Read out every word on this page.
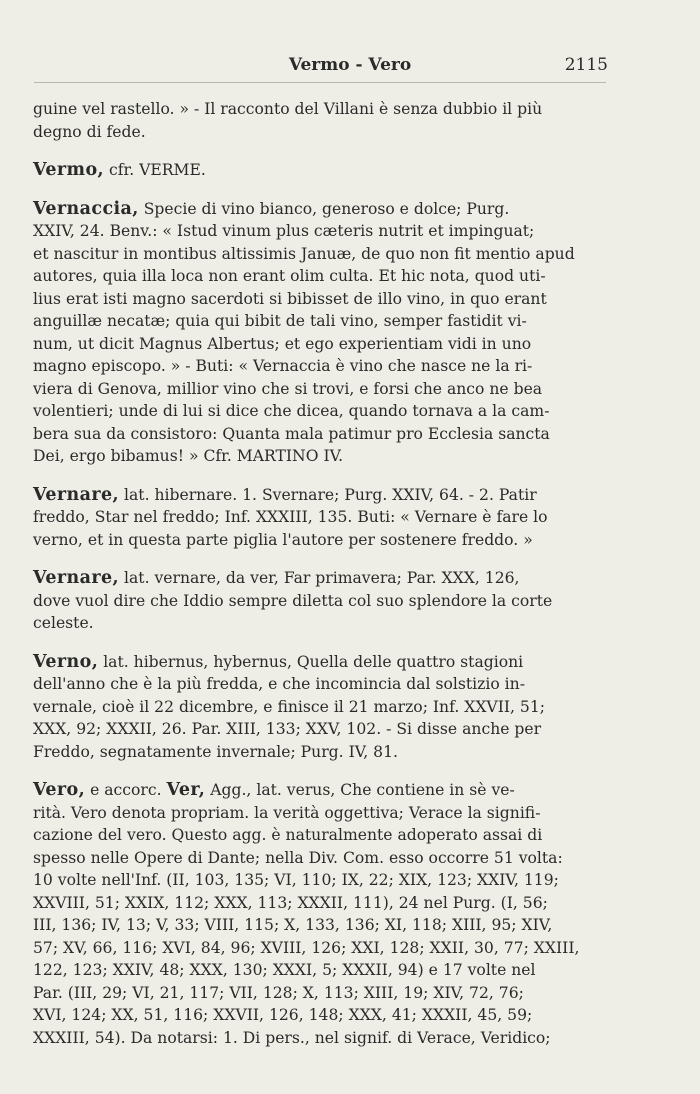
Vermo - Vero	2115
guine vel rastello. » - Il racconto del Villani è senza dubbio il più
degno di fede.
Vermo, cfr. VERME.
Vernaccia, Specie di vino bianco, generoso e dolce; Purg.
XXIV, 24. Benv.: « Istud vinum plus cæteris nutrit et impinguat;
et nascitur in montibus altissimis Januæ, de quo non fit mentio apud
autores, quia illa loca non erant olim culta. Et hic nota, quod uti-
lius erat isti magno sacerdoti si bibisset de illo vino, in quo erant
anguillæ necatæ; quia qui bibit de tali vino, semper fastidit vi-
num, ut dicit Magnus Albertus; et ego experientiam vidi in uno
magno episcopo. » - Buti: « Vernaccia è vino che nasce ne la ri-
viera di Genova, millior vino che si trovi, e forsi che anco ne bea
volentieri; unde di lui si dice che dicea, quando tornava a la cam-
bera sua da consistoro: Quanta mala patimur pro Ecclesia sancta
Dei, ergo bibamus! » Cfr. MARTINO IV.
Vernare, lat. hibernare. 1. Svernare; Purg. XXIV, 64. - 2. Patir
freddo, Star nel freddo; Inf. XXXIII, 135. Buti: « Vernare è fare lo
verno, et in questa parte piglia l'autore per sostenere freddo. »
Vernare, lat. vernare, da ver, Far primavera; Par. XXX, 126,
dove vuol dire che Iddio sempre diletta col suo splendore la corte
celeste.
Verno, lat. hibernus, hybernus, Quella delle quattro stagioni
dell'anno che è la più fredda, e che incomincia dal solstizio in-
vernale, cioè il 22 dicembre, e finisce il 21 marzo; Inf. XXVII, 51;
XXX, 92; XXXII, 26. Par. XIII, 133; XXV, 102. - Si disse anche per
Freddo, segnatamente invernale; Purg. IV, 81.
Vero, e accorc. Ver, Agg., lat. verus, Che contiene in sè ve-
rità. Vero denota propriam. la verità oggettiva; Verace la signifi-
cazione del vero. Questo agg. è naturalmente adoperato assai di
spesso nelle Opere di Dante; nella Div. Com. esso occorre 51 volta:
10 volte nell'Inf. (II, 103, 135; VI, 110; IX, 22; XIX, 123; XXIV, 119;
XXVIII, 51; XXIX, 112; XXX, 113; XXXII, 111), 24 nel Purg. (I, 56;
III, 136; IV, 13; V, 33; VIII, 115; X, 133, 136; XI, 118; XIII, 95; XIV,
57; XV, 66, 116; XVI, 84, 96; XVIII, 126; XXI, 128; XXII, 30, 77; XXIII,
122, 123; XXIV, 48; XXX, 130; XXXI, 5; XXXII, 94) e 17 volte nel
Par. (III, 29; VI, 21, 117; VII, 128; X, 113; XIII, 19; XIV, 72, 76;
XVI, 124; XX, 51, 116; XXVII, 126, 148; XXX, 41; XXXII, 45, 59;
XXXIII, 54). Da notarsi: 1. Di pers., nel signif. di Verace, Veridico;
